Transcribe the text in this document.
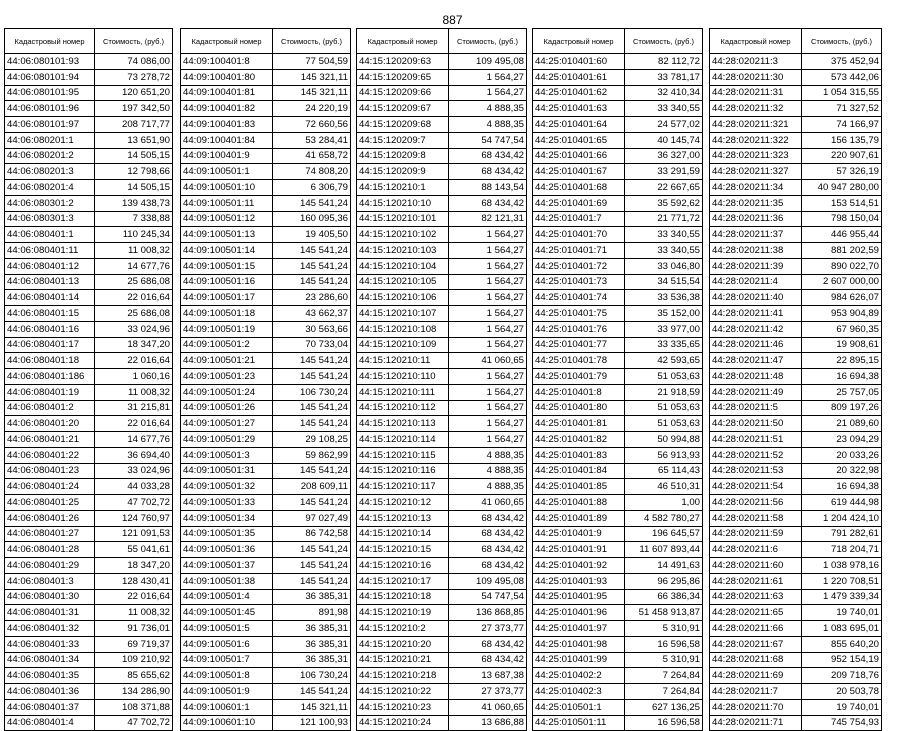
887
Кадастровый номер	Стоимость, (руб.)
44:06:080101:93	74 086,00
44:06:080101:94	73 278,72
44:06:080101:95	120 651,20
44:06:080101:96	197 342,50
44:06:080101:97	208 717,77
44:06:080201:1	13 651,90
44:06:080201:2	14 505,15
44:06:080201:3	12 798,66
44:06:080201:4	14 505,15
44:06:080301:2	139 438,73
44:06:080301:3	7 338,88
44:06:080401:1	110 245,34
44:06:080401:11	11 008,32
44:06:080401:12	14 677,76
44:06:080401:13	25 686,08
44:06:080401:14	22 016,64
44:06:080401:15	25 686,08
44:06:080401:16	33 024,96
44:06:080401:17	18 347,20
44:06:080401:18	22 016,64
44:06:080401:186	1 060,16
44:06:080401:19	11 008,32
44:06:080401:2	31 215,81
44:06:080401:20	22 016,64
44:06:080401:21	14 677,76
44:06:080401:22	36 694,40
44:06:080401:23	33 024,96
44:06:080401:24	44 033,28
44:06:080401:25	47 702,72
44:06:080401:26	124 760,97
44:06:080401:27	121 091,53
44:06:080401:28	55 041,61
44:06:080401:29	18 347,20
44:06:080401:3	128 430,41
44:06:080401:30	22 016,64
44:06:080401:31	11 008,32
44:06:080401:32	91 736,01
44:06:080401:33	69 719,37
44:06:080401:34	109 210,92
44:06:080401:35	85 655,62
44:06:080401:36	134 286,90
44:06:080401:37	108 371,88
44:06:080401:4	47 702,72
Кадастровый номер	Стоимость, (руб.)
44:09:100401:8	77 504,59
44:09:100401:80	145 321,11
44:09:100401:81	145 321,11
44:09:100401:82	24 220,19
44:09:100401:83	72 660,56
44:09:100401:84	53 284,41
44:09:100401:9	41 658,72
44:09:100501:1	74 808,20
44:09:100501:10	6 306,79
44:09:100501:11	145 541,24
44:09:100501:12	160 095,36
44:09:100501:13	19 405,50
44:09:100501:14	145 541,24
44:09:100501:15	145 541,24
44:09:100501:16	145 541,24
44:09:100501:17	23 286,60
44:09:100501:18	43 662,37
44:09:100501:19	30 563,66
44:09:100501:2	70 733,04
44:09:100501:21	145 541,24
44:09:100501:23	145 541,24
44:09:100501:24	106 730,24
44:09:100501:26	145 541,24
44:09:100501:27	145 541,24
44:09:100501:29	29 108,25
44:09:100501:3	59 862,99
44:09:100501:31	145 541,24
44:09:100501:32	208 609,11
44:09:100501:33	145 541,24
44:09:100501:34	97 027,49
44:09:100501:35	86 742,58
44:09:100501:36	145 541,24
44:09:100501:37	145 541,24
44:09:100501:38	145 541,24
44:09:100501:4	36 385,31
44:09:100501:45	891,98
44:09:100501:5	36 385,31
44:09:100501:6	36 385,31
44:09:100501:7	36 385,31
44:09:100501:8	106 730,24
44:09:100501:9	145 541,24
44:09:100601:1	145 321,11
44:09:100601:10	121 100,93
Кадастровый номер	Стоимость, (руб.)
44:15:120209:63	109 495,08
44:15:120209:65	1 564,27
44:15:120209:66	1 564,27
44:15:120209:67	4 888,35
44:15:120209:68	4 888,35
44:15:120209:7	54 747,54
44:15:120209:8	68 434,42
44:15:120209:9	68 434,42
44:15:120210:1	88 143,54
44:15:120210:10	68 434,42
44:15:120210:101	82 121,31
44:15:120210:102	1 564,27
44:15:120210:103	1 564,27
44:15:120210:104	1 564,27
44:15:120210:105	1 564,27
44:15:120210:106	1 564,27
44:15:120210:107	1 564,27
44:15:120210:108	1 564,27
44:15:120210:109	1 564,27
44:15:120210:11	41 060,65
44:15:120210:110	1 564,27
44:15:120210:111	1 564,27
44:15:120210:112	1 564,27
44:15:120210:113	1 564,27
44:15:120210:114	1 564,27
44:15:120210:115	4 888,35
44:15:120210:116	4 888,35
44:15:120210:117	4 888,35
44:15:120210:12	41 060,65
44:15:120210:13	68 434,42
44:15:120210:14	68 434,42
44:15:120210:15	68 434,42
44:15:120210:16	68 434,42
44:15:120210:17	109 495,08
44:15:120210:18	54 747,54
44:15:120210:19	136 868,85
44:15:120210:2	27 373,77
44:15:120210:20	68 434,42
44:15:120210:21	68 434,42
44:15:120210:218	13 687,38
44:15:120210:22	27 373,77
44:15:120210:23	41 060,65
44:15:120210:24	13 686,88
Кадастровый номер	Стоимость, (руб.)
44:25:010401:60	82 112,72
44:25:010401:61	33 781,17
44:25:010401:62	32 410,34
44:25:010401:63	33 340,55
44:25:010401:64	24 577,02
44:25:010401:65	40 145,74
44:25:010401:66	36 327,00
44:25:010401:67	33 291,59
44:25:010401:68	22 667,65
44:25:010401:69	35 592,62
44:25:010401:7	21 771,72
44:25:010401:70	33 340,55
44:25:010401:71	33 340,55
44:25:010401:72	33 046,80
44:25:010401:73	34 515,54
44:25:010401:74	33 536,38
44:25:010401:75	35 152,00
44:25:010401:76	33 977,00
44:25:010401:77	33 335,65
44:25:010401:78	42 593,65
44:25:010401:79	51 053,63
44:25:010401:8	21 918,59
44:25:010401:80	51 053,63
44:25:010401:81	51 053,63
44:25:010401:82	50 994,88
44:25:010401:83	56 913,93
44:25:010401:84	65 114,43
44:25:010401:85	46 510,31
44:25:010401:88	1,00
44:25:010401:89	4 582 780,27
44:25:010401:9	196 645,57
44:25:010401:91	11 607 893,44
44:25:010401:92	14 491,63
44:25:010401:93	96 295,86
44:25:010401:95	66 386,34
44:25:010401:96	51 458 913,87
44:25:010401:97	5 310,91
44:25:010401:98	16 596,58
44:25:010401:99	5 310,91
44:25:010402:2	7 264,84
44:25:010402:3	7 264,84
44:25:010501:1	627 136,25
44:25:010501:11	16 596,58
Кадастровый номер	Стоимость, (руб.)
44:28:020211:3	375 452,94
44:28:020211:30	573 442,06
44:28:020211:31	1 054 315,55
44:28:020211:32	71 327,52
44:28:020211:321	74 166,97
44:28:020211:322	156 135,79
44:28:020211:323	220 907,61
44:28:020211:327	57 326,19
44:28:020211:34	40 947 280,00
44:28:020211:35	153 514,51
44:28:020211:36	798 150,04
44:28:020211:37	446 955,44
44:28:020211:38	881 202,59
44:28:020211:39	890 022,70
44:28:020211:4	2 607 000,00
44:28:020211:40	984 626,07
44:28:020211:41	953 904,89
44:28:020211:42	67 960,35
44:28:020211:46	19 908,61
44:28:020211:47	22 895,15
44:28:020211:48	16 694,38
44:28:020211:49	25 757,05
44:28:020211:5	809 197,26
44:28:020211:50	21 089,60
44:28:020211:51	23 094,29
44:28:020211:52	20 033,26
44:28:020211:53	20 322,98
44:28:020211:54	16 694,38
44:28:020211:56	619 444,98
44:28:020211:58	1 204 424,10
44:28:020211:59	791 282,61
44:28:020211:6	718 204,71
44:28:020211:60	1 038 978,16
44:28:020211:61	1 220 708,51
44:28:020211:63	1 479 339,34
44:28:020211:65	19 740,01
44:28:020211:66	1 083 695,01
44:28:020211:67	855 640,20
44:28:020211:68	952 154,19
44:28:020211:69	209 718,76
44:28:020211:7	20 503,78
44:28:020211:70	19 740,01
44:28:020211:71	745 754,93
